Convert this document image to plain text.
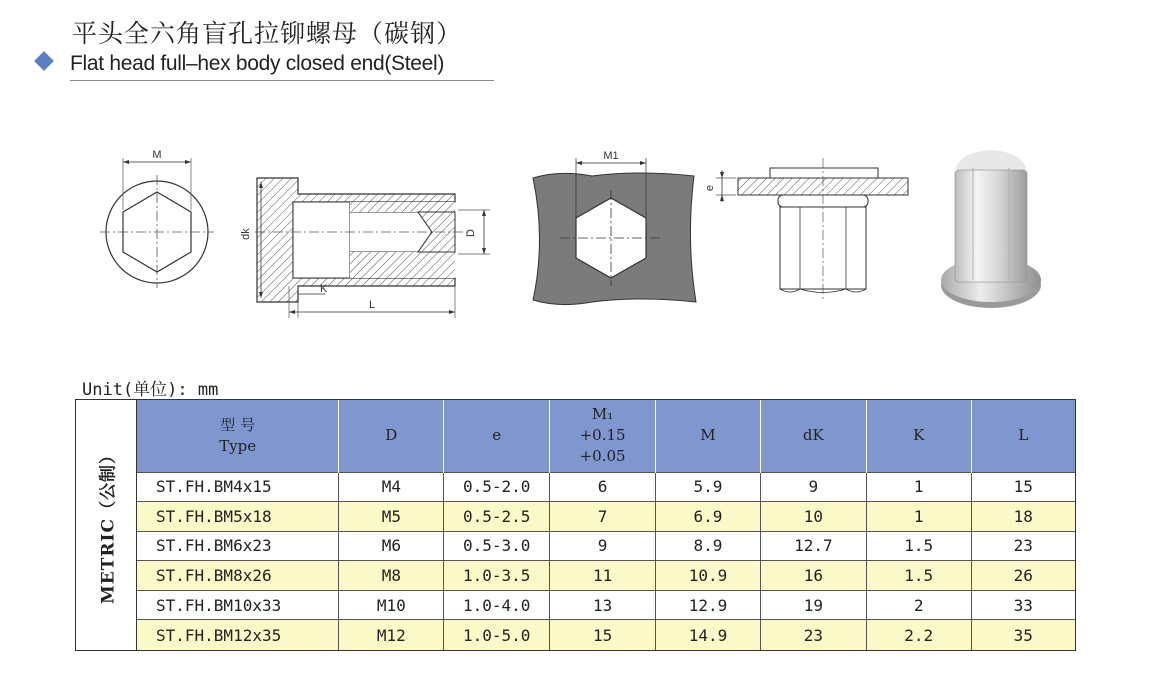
平头全六角盲孔拉铆螺母（碳钢）
Flat head full–hex body closed end(Steel)
M
dk	D
K
L
M1
e
Unit(单位): mm
METRIC（公制）
型 号
Type	D	e	M₁
+0.15
+0.05	M	dK	K	L
ST.FH.BM4x15	M4	0.5-2.0	6	5.9	9	1	15
ST.FH.BM5x18	M5	0.5-2.5	7	6.9	10	1	18
ST.FH.BM6x23	M6	0.5-3.0	9	8.9	12.7	1.5	23
ST.FH.BM8x26	M8	1.0-3.5	11	10.9	16	1.5	26
ST.FH.BM10x33	M10	1.0-4.0	13	12.9	19	2	33
ST.FH.BM12x35	M12	1.0-5.0	15	14.9	23	2.2	35
